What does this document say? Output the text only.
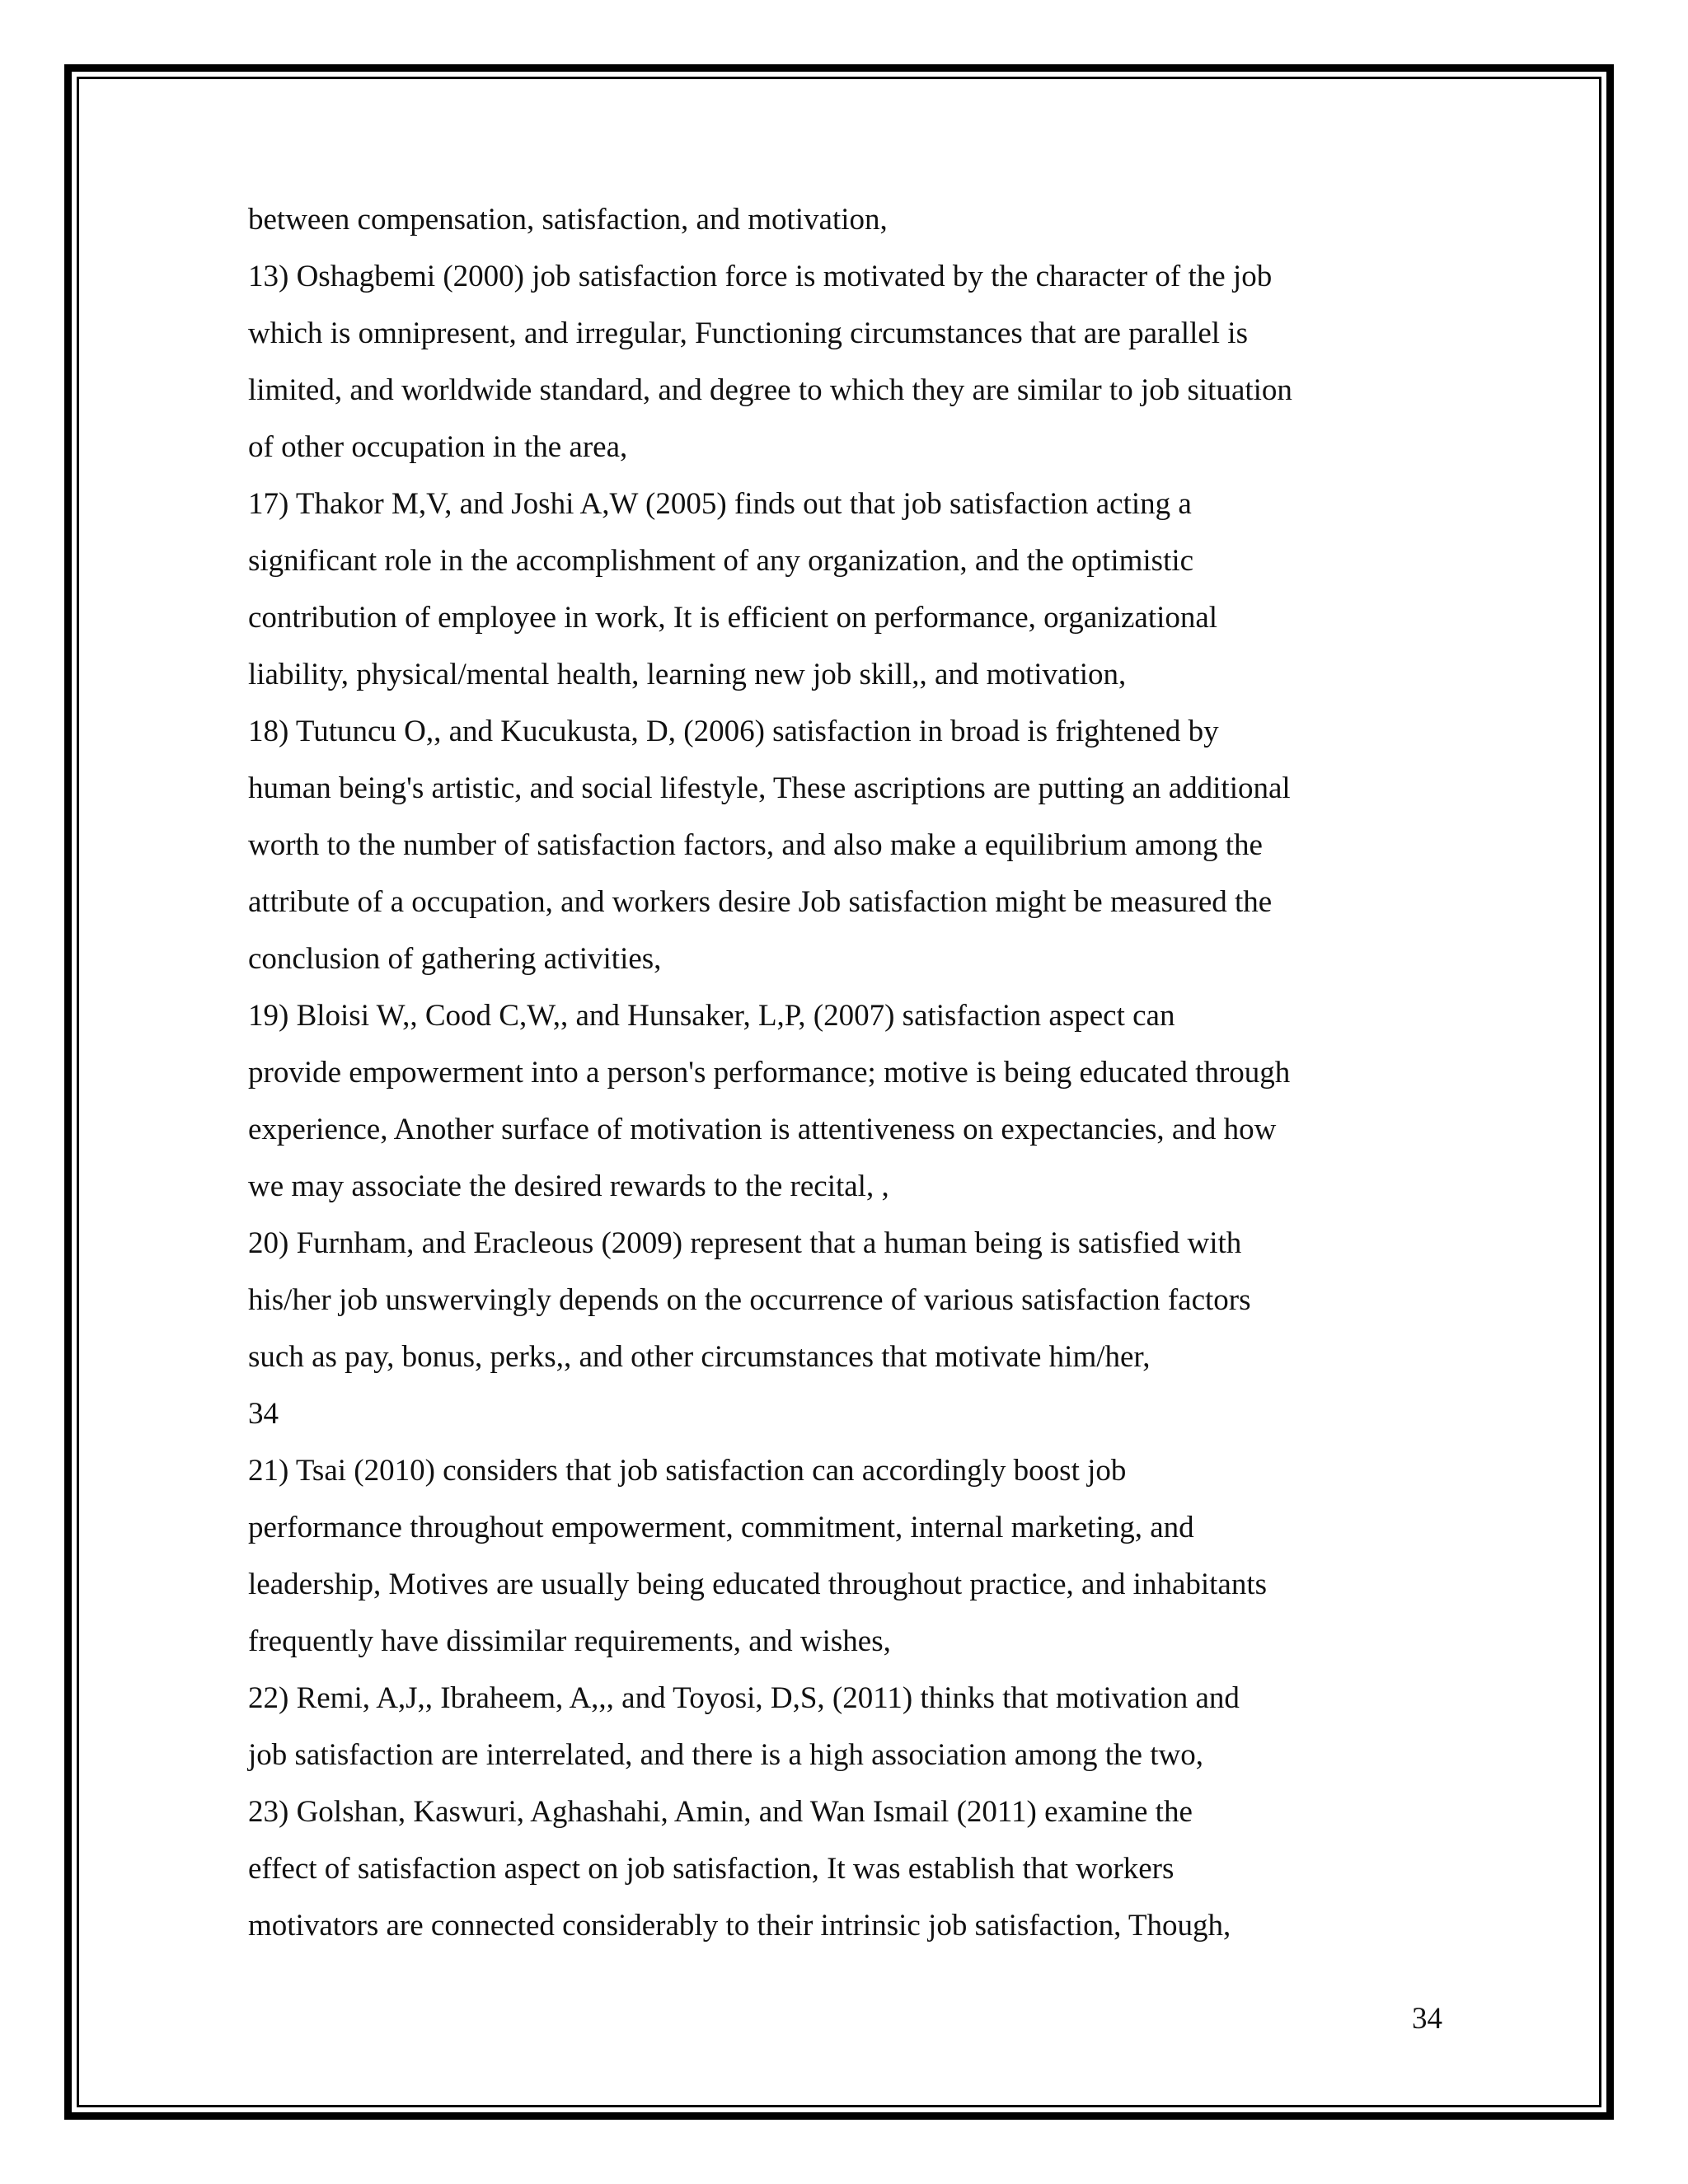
between compensation, satisfaction, and motivation,
13) Oshagbemi (2000) job satisfaction force is motivated by the character of the job
which is omnipresent, and irregular, Functioning circumstances that are parallel is
limited, and worldwide standard, and degree to which they are similar to job situation
of other occupation in the area,
17) Thakor M,V, and Joshi A,W (2005) finds out that job satisfaction acting a
significant role in the accomplishment of any organization, and the optimistic
contribution of employee in work, It is efficient on performance, organizational
liability, physical/mental health, learning new job skill,, and motivation,
18) Tutuncu O,, and Kucukusta, D, (2006) satisfaction in broad is frightened by
human being's artistic, and social lifestyle, These ascriptions are putting an additional
worth to the number of satisfaction factors, and also make a equilibrium among the
attribute of a occupation, and workers desire Job satisfaction might be measured the
conclusion of gathering activities,
19) Bloisi W,, Cood C,W,, and Hunsaker, L,P, (2007) satisfaction aspect can
provide empowerment into a person's performance; motive is being educated through
experience, Another surface of motivation is attentiveness on expectancies, and how
we may associate the desired rewards to the recital, ,
20) Furnham, and Eracleous (2009) represent that a human being is satisfied with
his/her job unswervingly depends on the occurrence of various satisfaction factors
such as pay, bonus, perks,, and other circumstances that motivate him/her,
34
21) Tsai (2010) considers that job satisfaction can accordingly boost job
performance throughout empowerment, commitment, internal marketing, and
leadership, Motives are usually being educated throughout practice, and inhabitants
frequently have dissimilar requirements, and wishes,
22) Remi, A,J,, Ibraheem, A,,, and Toyosi, D,S, (2011) thinks that motivation and
job satisfaction are interrelated, and there is a high association among the two,
23) Golshan, Kaswuri, Aghashahi, Amin, and Wan Ismail (2011) examine the
effect of satisfaction aspect on job satisfaction, It was establish that workers
motivators are connected considerably to their intrinsic job satisfaction, Though,
34
